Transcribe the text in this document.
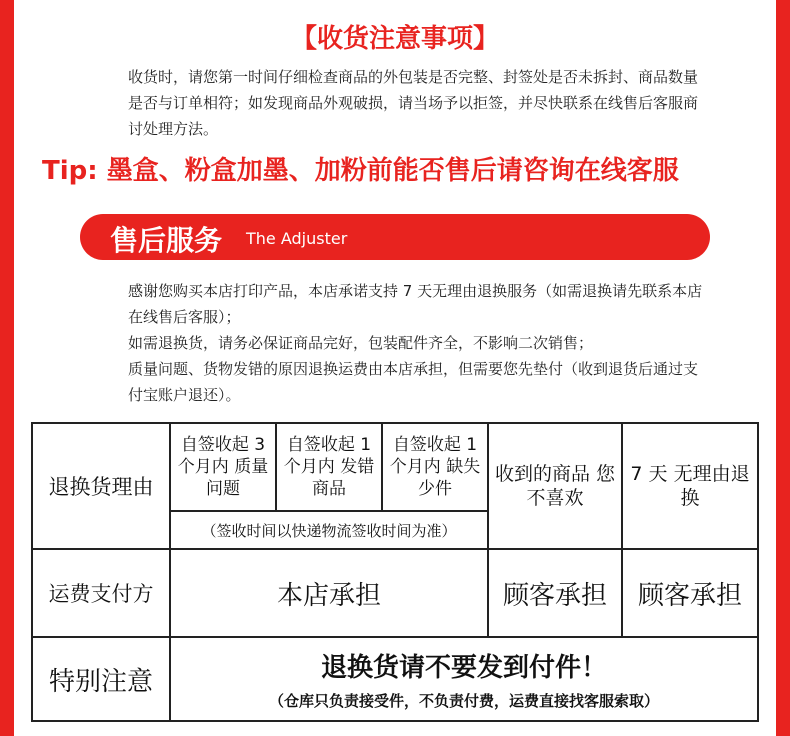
【收货注意事项】
收货时，请您第一时间仔细检查商品的外包装是否完整、封签处是否未拆封、商品数量是否与订单相符；如发现商品外观破损，请当场予以拒签，并尽快联系在线售后客服商讨处理方法。
Tip: 墨盒、粉盒加墨、加粉前能否售后请咨询在线客服
售后服务 The Adjuster

感谢您购买本店打印产品，本店承诺支持 7 天无理由退换服务（如需退换请先联系本店在线售后客服）；

如需退换货，请务必保证商品完好，包装配件齐全，不影响二次销售；

质量问题、货物发错的原因退换运费由本店承担，但需要您先垫付（收到退货后通过支付宝账户退还）。

退换货理由	自签收起 3 个月内 质量问题	自签收起 1 个月内 发错商品	自签收起 1 个月内 缺失少件	收到的商品 您不喜欢	7 天 无理由退换
	（签收时间以快递物流签收时间为准）				
运费支付方	本店承担			顾客承担	顾客承担
特别注意	退换货请不要发到付件！
（仓库只负责接受件，不负责付费，运费直接找客服索取）				
